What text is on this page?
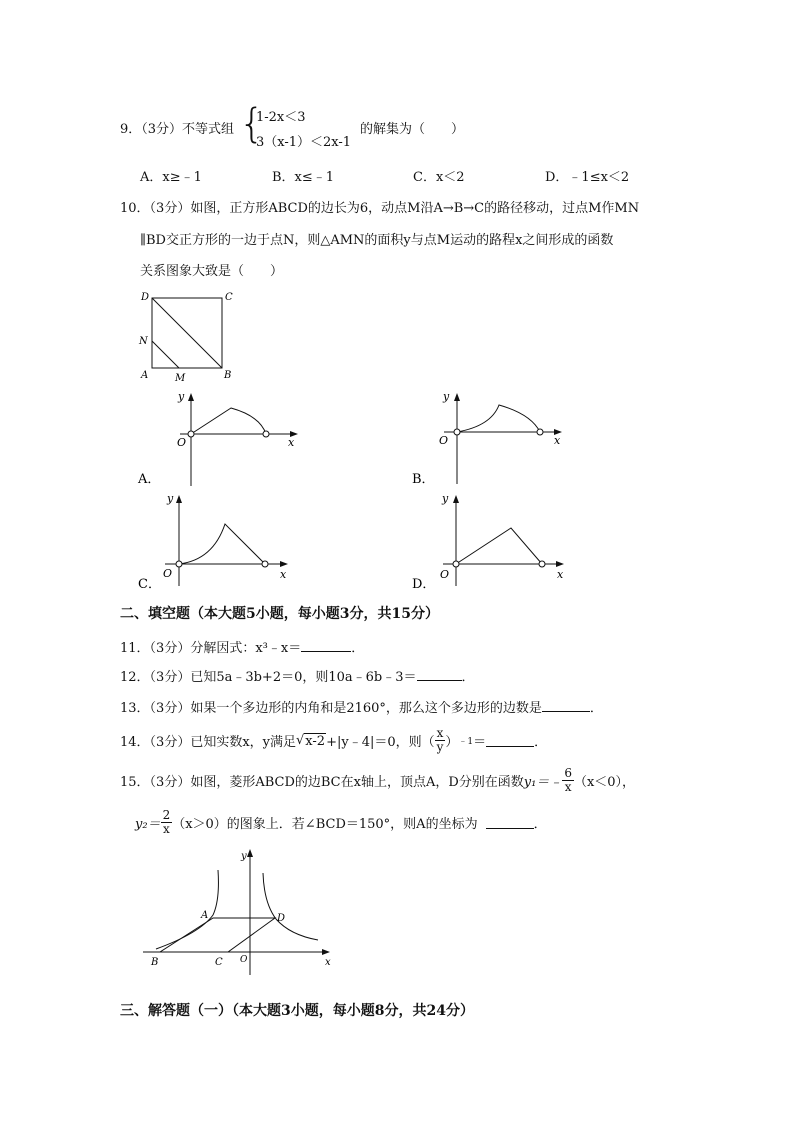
9．（3分）不等式组 {
1-2x＜3
3（x-1）＜2x-1
的解集为（　　）
A．x≥﹣1	B．x≤﹣1	C．x＜2	D．﹣1≤x＜2
10．（3分）如图，正方形ABCD的边长为6，动点M沿A→B→C的路径移动，过点M作MN
∥BD交正方形的一边于点N，则△AMN的面积y与点M运动的路程x之间形成的函数
关系图象大致是（　　）
D	C
N
A	M	B
y
x
O
A．
y
x
O
B．
y
x
O
C．
y
x
O
D．
二、填空题（本大题5小题，每小题3分，共15分）
11．（3分）分解因式：x³﹣x＝	．
12．（3分）已知5a﹣3b+2＝0，则10a﹣6b﹣3＝	．
13．（3分）如果一个多边形的内角和是2160°，那么这个多边形的边数是	．
14．（3分）已知实数x，y满足 √ x-2 +|y﹣4|＝0，则（ $\frac{x}{y}$ ） ﹣1 ＝	．
15．（3分）如图，菱形ABCD的边BC在x轴上，顶点A，D分别在函数 y₁＝﹣ $\frac{6}{x} (x<0)$，
$y_2= \frac{2}{x} (x>0)$的图象上．若∠BCD＝150°，则A的坐标为	．
y
x
A	D
B	C O
三、解答题（一）（本大题3小题，每小题8分，共24分）
